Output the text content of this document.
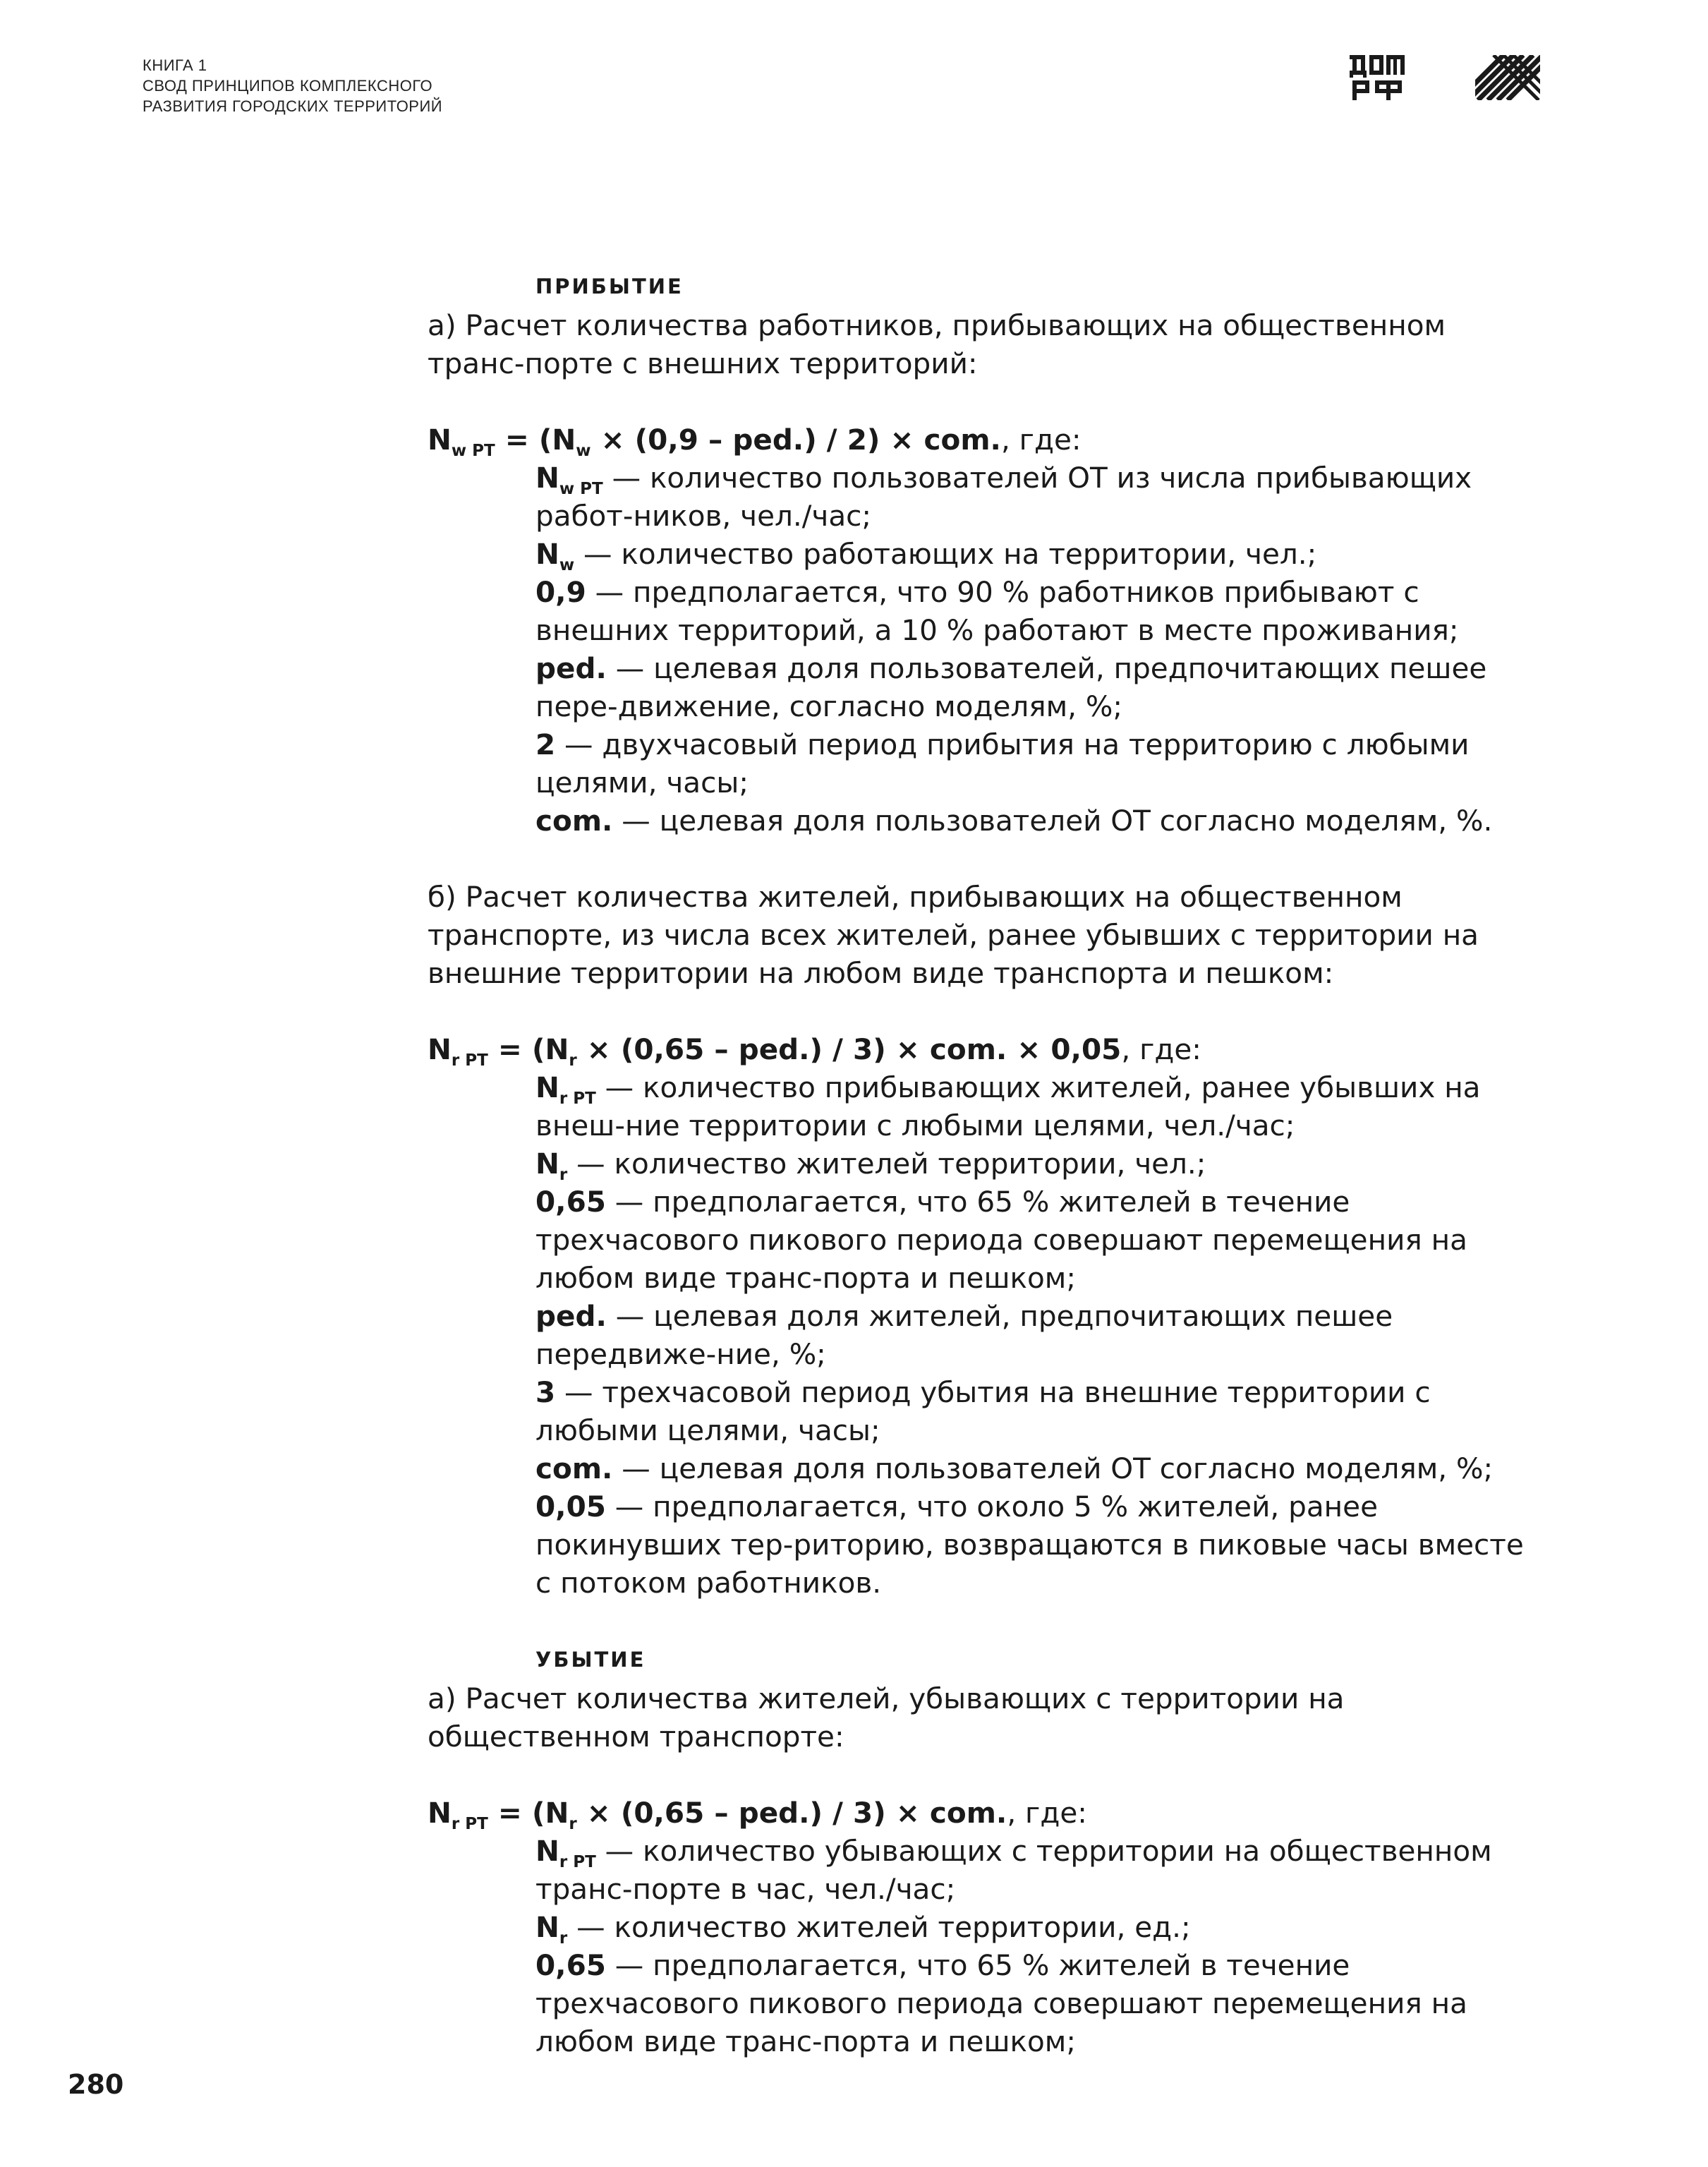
КНИГА 1
СВОД ПРИНЦИПОВ КОМПЛЕКСНОГО
РАЗВИТИЯ ГОРОДСКИХ ТЕРРИТОРИЙ
ПРИБЫТИЕ

а) Расчет количества работников, прибывающих на общественном транс-порте с внешних территорий:

$N_{w PT} = (N_w \times (0,9 - ped.) / 2)$ × com., где:

$N_{w PT}$ — количество пользователей ОТ из числа прибывающих работ-ников, чел./час;

$N_w$ — количество работающих на территории, чел.;

0,9 — предполагается, что 90 % работников прибывают с внешних территорий, а 10 % работают в месте проживания;

ped. — целевая доля пользователей, предпочитающих пешее пере-движение, согласно моделям, %;

2 — двухчасовый период прибытия на территорию с любыми целями, часы;

com. — целевая доля пользователей ОТ согласно моделям, %.

б) Расчет количества жителей, прибывающих на общественном транспорте, из числа всех жителей, ранее убывших с территории на внешние территории на любом виде транспорта и пешком:

$N_{r PT} = (N_r \times (0,65 - ped.) / 3)$ × com. × 0,05, где:

$N_{r PT}$ — количество прибывающих жителей, ранее убывших на внеш-ние территории с любыми целями, чел./час;

$N_r$ — количество жителей территории, чел.;

0,65 — предполагается, что 65 % жителей в течение трехчасового пикового периода совершают перемещения на любом виде транс-порта и пешком;

ped. — целевая доля жителей, предпочитающих пешее передвиже-ние, %;

3 — трехчасовой период убытия на внешние территории с любыми целями, часы;

com. — целевая доля пользователей ОТ согласно моделям, %;

0,05 — предполагается, что около 5 % жителей, ранее покинувших тер-риторию, возвращаются в пиковые часы вместе с потоком работников.

УБЫТИЕ

а) Расчет количества жителей, убывающих с территории на общественном транспорте:

$N_{r PT} = (N_r \times (0,65 - ped.) / 3)$ × com., где:

$N_{r PT}$ — количество убывающих с территории на общественном транс-порте в час, чел./час;

$N_r$ — количество жителей территории, ед.;

0,65 — предполагается, что 65 % жителей в течение трехчасового пикового периода совершают перемещения на любом виде транс-порта и пешком;

280
